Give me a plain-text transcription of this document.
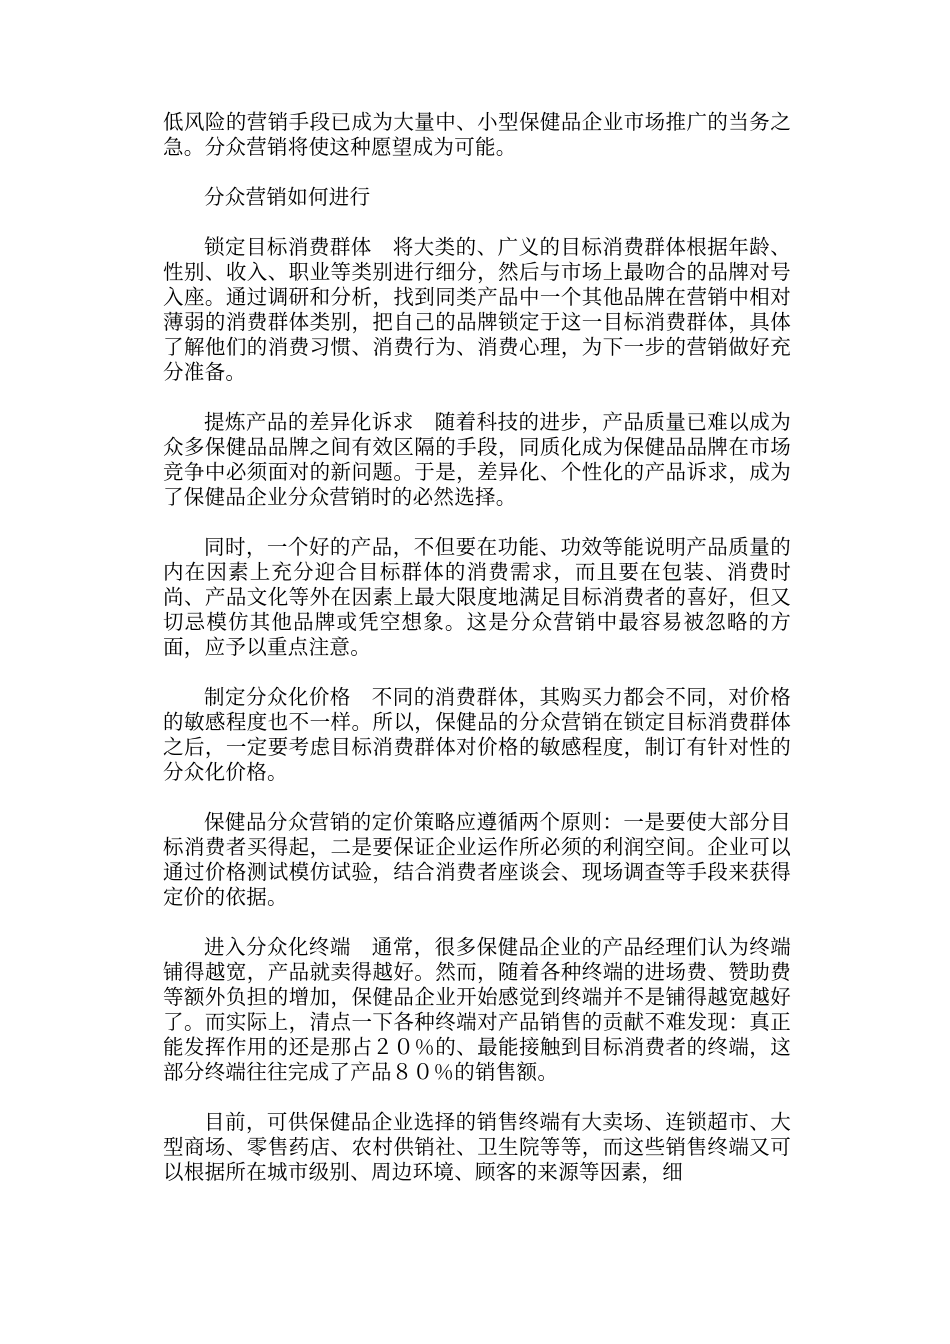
低风险的营销手段已成为大量中、小型保健品企业市场推广的当务之急。分众营销将使这种愿望成为可能。

分众营销如何进行

锁定目标消费群体　将大类的、广义的目标消费群体根据年龄、性别、收入、职业等类别进行细分，然后与市场上最吻合的品牌对号入座。通过调研和分析，找到同类产品中一个其他品牌在营销中相对薄弱的消费群体类别，把自己的品牌锁定于这一目标消费群体，具体了解他们的消费习惯、消费行为、消费心理，为下一步的营销做好充分准备。

提炼产品的差异化诉求　随着科技的进步，产品质量已难以成为众多保健品品牌之间有效区隔的手段，同质化成为保健品品牌在市场竞争中必须面对的新问题。于是，差异化、个性化的产品诉求，成为了保健品企业分众营销时的必然选择。

同时，一个好的产品，不但要在功能、功效等能说明产品质量的内在因素上充分迎合目标群体的消费需求，而且要在包装、消费时尚、产品文化等外在因素上最大限度地满足目标消费者的喜好，但又切忌模仿其他品牌或凭空想象。这是分众营销中最容易被忽略的方面，应予以重点注意。

制定分众化价格　不同的消费群体，其购买力都会不同，对价格的敏感程度也不一样。所以，保健品的分众营销在锁定目标消费群体之后，一定要考虑目标消费群体对价格的敏感程度，制订有针对性的分众化价格。

保健品分众营销的定价策略应遵循两个原则：一是要使大部分目标消费者买得起，二是要保证企业运作所必须的利润空间。企业可以通过价格测试模仿试验，结合消费者座谈会、现场调查等手段来获得定价的依据。

进入分众化终端　通常，很多保健品企业的产品经理们认为终端铺得越宽，产品就卖得越好。然而，随着各种终端的进场费、赞助费等额外负担的增加，保健品企业开始感觉到终端并不是铺得越宽越好了。而实际上，清点一下各种终端对产品销售的贡献不难发现：真正能发挥作用的还是那占２０％的、最能接触到目标消费者的终端，这部分终端往往完成了产品８０％的销售额。

目前，可供保健品企业选择的销售终端有大卖场、连锁超市、大型商场、零售药店、农村供销社、卫生院等等，而这些销售终端又可以根据所在城市级别、周边环境、顾客的来源等因素，细
